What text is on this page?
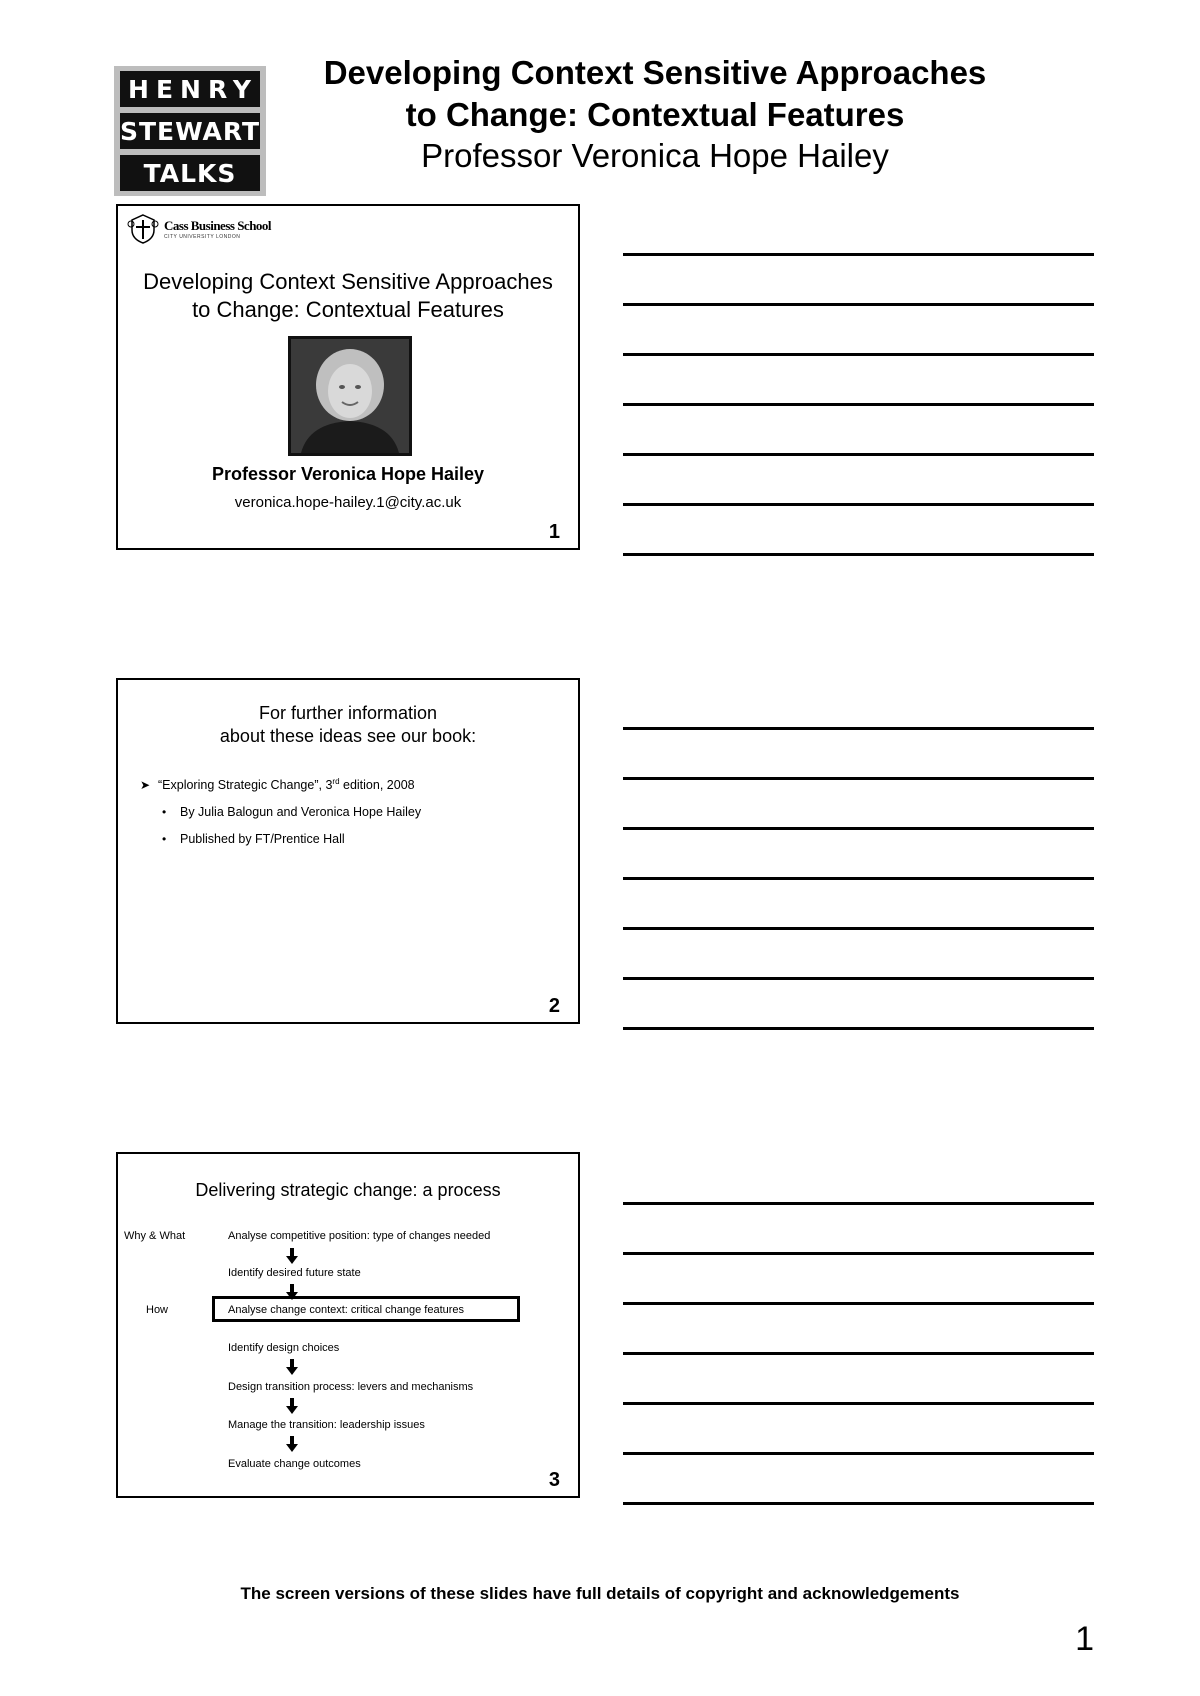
HENRY
STEWART
TALKS
Developing Context Sensitive Approaches
to Change: Contextual Features
Professor Veronica Hope Hailey
Cass Business School
CITY UNIVERSITY LONDON
Developing Context Sensitive Approaches
to Change: Contextual Features
Professor Veronica Hope Hailey
veronica.hope-hailey.1@city.ac.uk
1
For further information
about these ideas see our book:
➤ “Exploring Strategic Change”, 3rd edition, 2008
•	By Julia Balogun and Veronica Hope Hailey
•	Published by FT/Prentice Hall
2
Delivering strategic change: a process
Why & What
How
Analyse competitive position: type of changes needed
Identify desired future state
Analyse change context: critical change features
Identify design choices
Design transition process: levers and mechanisms
Manage the transition: leadership issues
Evaluate change outcomes
3
The screen versions of these slides have full details of copyright and acknowledgements
1
